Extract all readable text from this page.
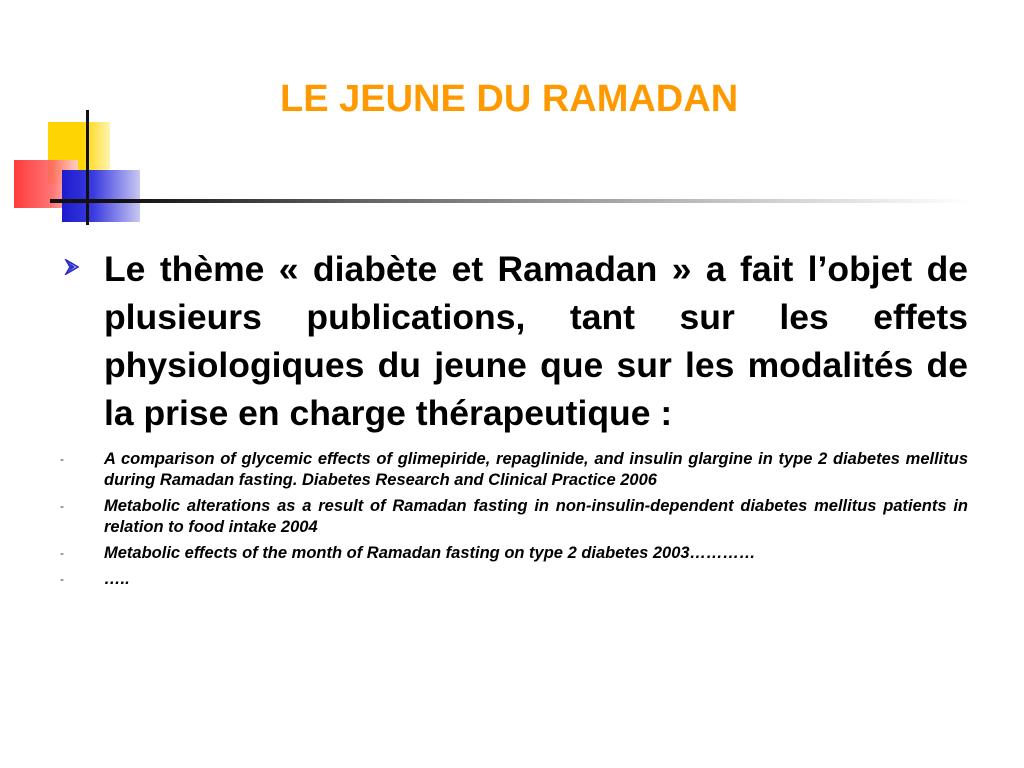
LE JEUNE DU RAMADAN
Le thème « diabète et Ramadan » a fait l’objet de plusieurs publications, tant sur les effets physiologiques du jeune que sur les modalités de la prise en charge thérapeutique :
- A comparison of glycemic effects of glimepiride, repaglinide, and insulin glargine in type 2 diabetes mellitus during Ramadan fasting. Diabetes Research and Clinical Practice 2006
- Metabolic alterations as a result of Ramadan fasting in non-insulin-dependent diabetes mellitus patients in relation to food intake 2004
- Metabolic effects of the month of Ramadan fasting on type 2 diabetes 2003…………
- …..
